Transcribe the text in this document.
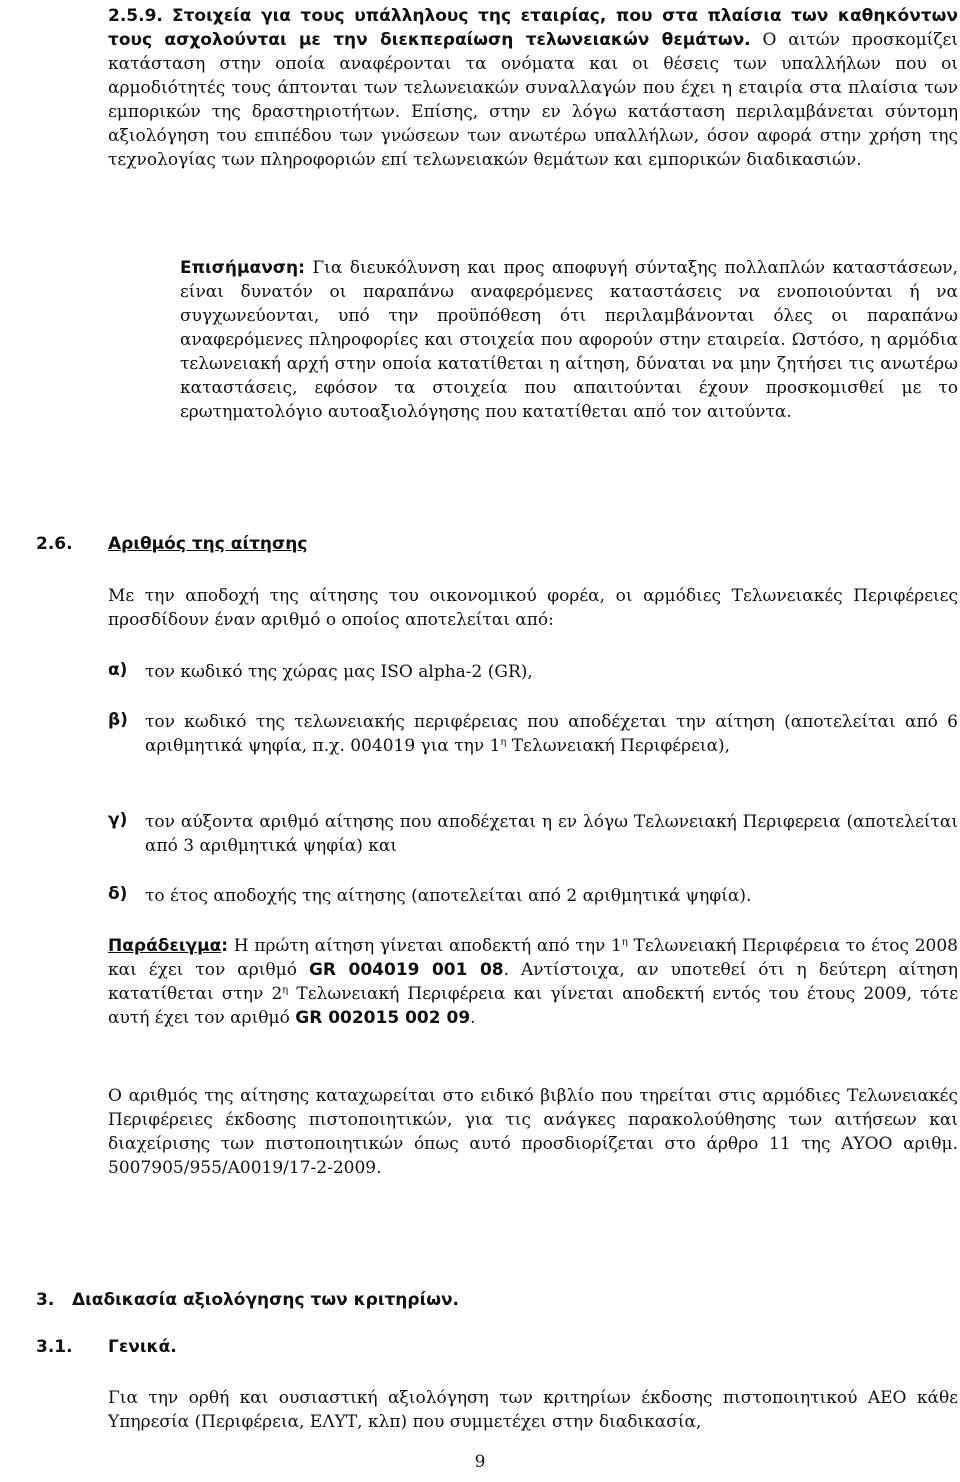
2.5.9. Στοιχεία για τους υπάλληλους της εταιρίας, που στα πλαίσια των καθηκόντων τους ασχολούνται με την διεκπεραίωση τελωνειακών θεμάτων. Ο αιτών προσκομίζει κατάσταση στην οποία αναφέρονται τα ονόματα και οι θέσεις των υπαλλήλων που οι αρμοδιότητές τους άπτονται των τελωνειακών συναλλαγών που έχει η εταιρία στα πλαίσια των εμπορικών της δραστηριοτήτων. Επίσης, στην εν λόγω κατάσταση περιλαμβάνεται σύντομη αξιολόγηση του επιπέδου των γνώσεων των ανωτέρω υπαλλήλων, όσον αφορά στην χρήση της τεχνολογίας των πληροφοριών επί τελωνειακών θεμάτων και εμπορικών διαδικασιών.

Επισήμανση: Για διευκόλυνση και προς αποφυγή σύνταξης πολλαπλών καταστάσεων, είναι δυνατόν οι παραπάνω αναφερόμενες καταστάσεις να ενοποιούνται ή να συγχωνεύονται, υπό την προϋπόθεση ότι περιλαμβάνονται όλες οι παραπάνω αναφερόμενες πληροφορίες και στοιχεία που αφορούν στην εταιρεία. Ωστόσο, η αρμόδια τελωνειακή αρχή στην οποία κατατίθεται η αίτηση, δύναται να μην ζητήσει τις ανωτέρω καταστάσεις, εφόσον τα στοιχεία που απαιτούνται έχουν προσκομισθεί με το ερωτηματολόγιο αυτοαξιολόγησης που κατατίθεται από τον αιτούντα.

2.6. Αριθμός της αίτησης

Με την αποδοχή της αίτησης του οικονομικού φορέα, οι αρμόδιες Τελωνειακές Περιφέρειες προσδίδουν έναν αριθμό ο οποίος αποτελείται από:

α) τον κωδικό της χώρας μας ISO alpha-2 (GR),

β) τον κωδικό της τελωνειακής περιφέρειας που αποδέχεται την αίτηση (αποτελείται από 6 αριθμητικά ψηφία, π.χ. 004019 για την $1^\eta$ Τελωνειακή Περιφέρεια),

γ) τον αύξοντα αριθμό αίτησης που αποδέχεται η εν λόγω Τελωνειακή Περιφερεια (αποτελείται από 3 αριθμητικά ψηφία) και

δ) το έτος αποδοχής της αίτησης (αποτελείται από 2 αριθμητικά ψηφία).

Παράδειγμα: Η πρώτη αίτηση γίνεται αποδεκτή από την $1^\eta$ Τελωνειακή Περιφέρεια το έτος 2008 και έχει τον αριθμό GR 004019 001 08. Αντίστοιχα, αν υποτεθεί ότι η δεύτερη αίτηση κατατίθεται στην $2^\eta$ Τελωνειακή Περιφέρεια και γίνεται αποδεκτή εντός του έτους 2009, τότε αυτή έχει τον αριθμό GR 002015 002 09.

Ο αριθμός της αίτησης καταχωρείται στο ειδικό βιβλίο που τηρείται στις αρμόδιες Τελωνειακές Περιφέρειες έκδοσης πιστοποιητικών, για τις ανάγκες παρακολούθησης των αιτήσεων και διαχείρισης των πιστοποιητικών όπως αυτό προσδιορίζεται στο άρθρο 11 της ΑΥΟΟ αριθμ. 5007905/955/Α0019/17-2-2009.

3. Διαδικασία αξιολόγησης των κριτηρίων.
3.1. Γενικά.

Για την ορθή και ουσιαστική αξιολόγηση των κριτηρίων έκδοσης πιστοποιητικού ΑΕΟ κάθε Υπηρεσία (Περιφέρεια, ΕΛΥΤ, κλπ) που συμμετέχει στην διαδικασία,

9
